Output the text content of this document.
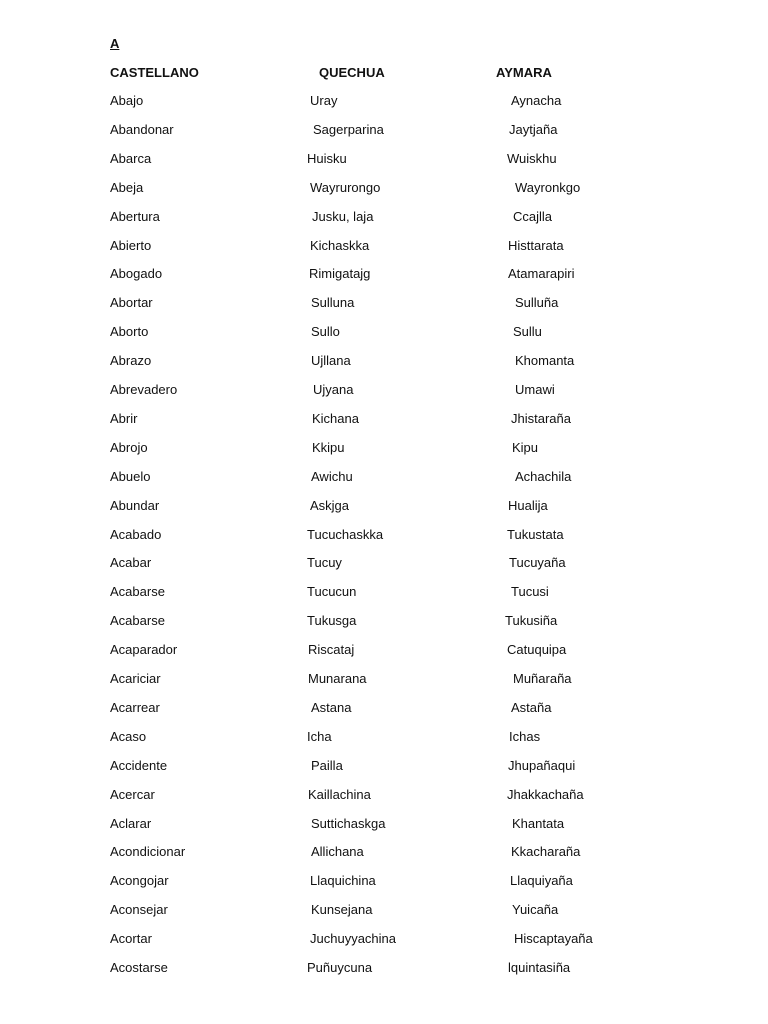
A
CASTELLANO	QUECHUA	AYMARA
Abajo	Uray	Aynacha
Abandonar	Sagerparina	Jaytjaña
Abarca	Huisku	Wuiskhu
Abeja	Wayrurongo	Wayronkgo
Abertura	Jusku, laja	Ccajlla
Abierto	Kichaskka	Histtarata
Abogado	Rimigatajg	Atamarapiri
Abortar	Sulluna	Sulluña
Aborto	Sullo	Sullu
Abrazo	Ujllana	Khomanta
Abrevadero	Ujyana	Umawi
Abrir	Kichana	Jhistaraña
Abrojo	Kkipu	Kipu
Abuelo	Awichu	Achachila
Abundar	Askjga	Hualija
Acabado	Tucuchaskka	Tukustata
Acabar	Tucuy	Tucuyaña
Acabarse	Tucucun	Tucusi
Acabarse	Tukusga	Tukusiña
Acaparador	Riscataj	Catuquipa
Acariciar	Munarana	Muñaraña
Acarrear	Astana	Astaña
Acaso	Icha	Ichas
Accidente	Pailla	Jhupañaqui
Acercar	Kaillachina	Jhakkachaña
Aclarar	Suttichaskga	Khantata
Acondicionar	Allichana	Kkacharaña
Acongojar	Llaquichina	Llaquiyaña
Aconsejar	Kunsejana	Yuicaña
Acortar	Juchuyyachina	Hiscaptayaña
Acostarse	Puñuycuna	lquintasiña
